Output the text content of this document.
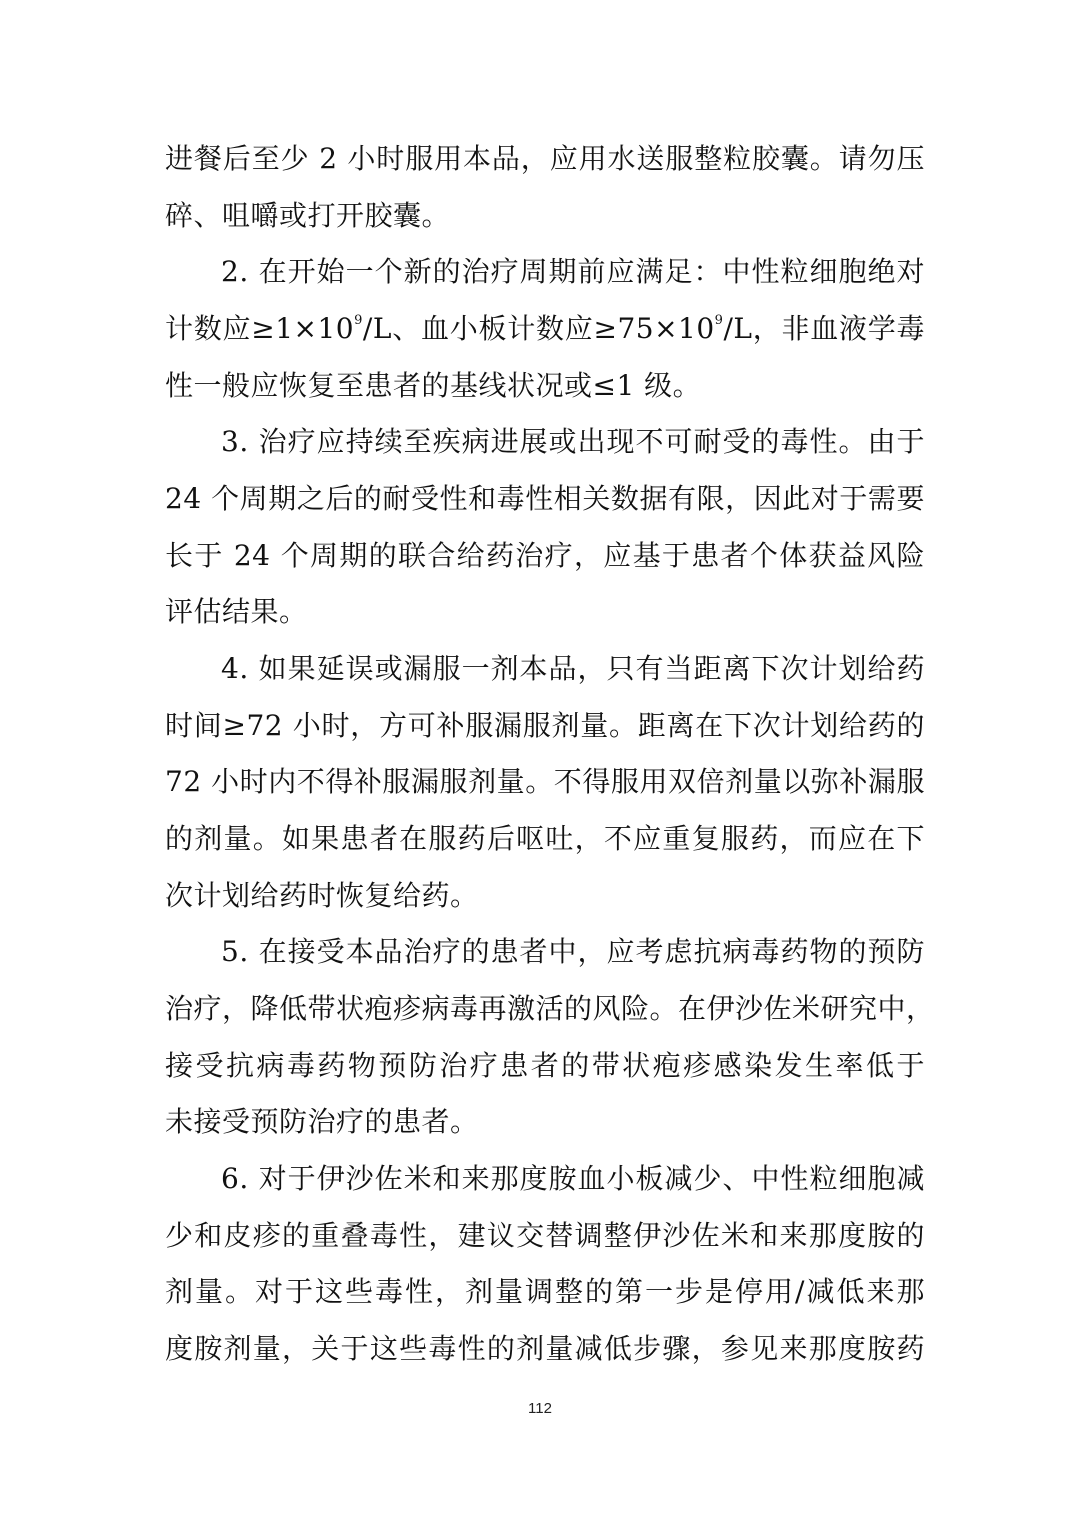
进餐后至少 2 小时服用本品，应用水送服整粒胶囊。请勿压
碎、咀嚼或打开胶囊。
2. 在开始一个新的治疗周期前应满足：中性粒细胞绝对
计数应$\ge 1\times 10^9/L$、血小板计数应$\ge 75\times 10^9/L$，非血液学毒
性一般应恢复至患者的基线状况或≤1 级。
3. 治疗应持续至疾病进展或出现不可耐受的毒性。由于
24 个周期之后的耐受性和毒性相关数据有限，因此对于需要
长于 24 个周期的联合给药治疗，应基于患者个体获益风险
评估结果。
4. 如果延误或漏服一剂本品，只有当距离下次计划给药
时间≥72 小时，方可补服漏服剂量。距离在下次计划给药的
72 小时内不得补服漏服剂量。不得服用双倍剂量以弥补漏服
的剂量。如果患者在服药后呕吐，不应重复服药，而应在下
次计划给药时恢复给药。
5. 在接受本品治疗的患者中，应考虑抗病毒药物的预防
治疗，降低带状疱疹病毒再激活的风险。在伊沙佐米研究中，
接受抗病毒药物预防治疗患者的带状疱疹感染发生率低于
未接受预防治疗的患者。
6. 对于伊沙佐米和来那度胺血小板减少、中性粒细胞减
少和皮疹的重叠毒性，建议交替调整伊沙佐米和来那度胺的
剂量。对于这些毒性，剂量调整的第一步是停用/减低来那
度胺剂量，关于这些毒性的剂量减低步骤，参见来那度胺药
112
